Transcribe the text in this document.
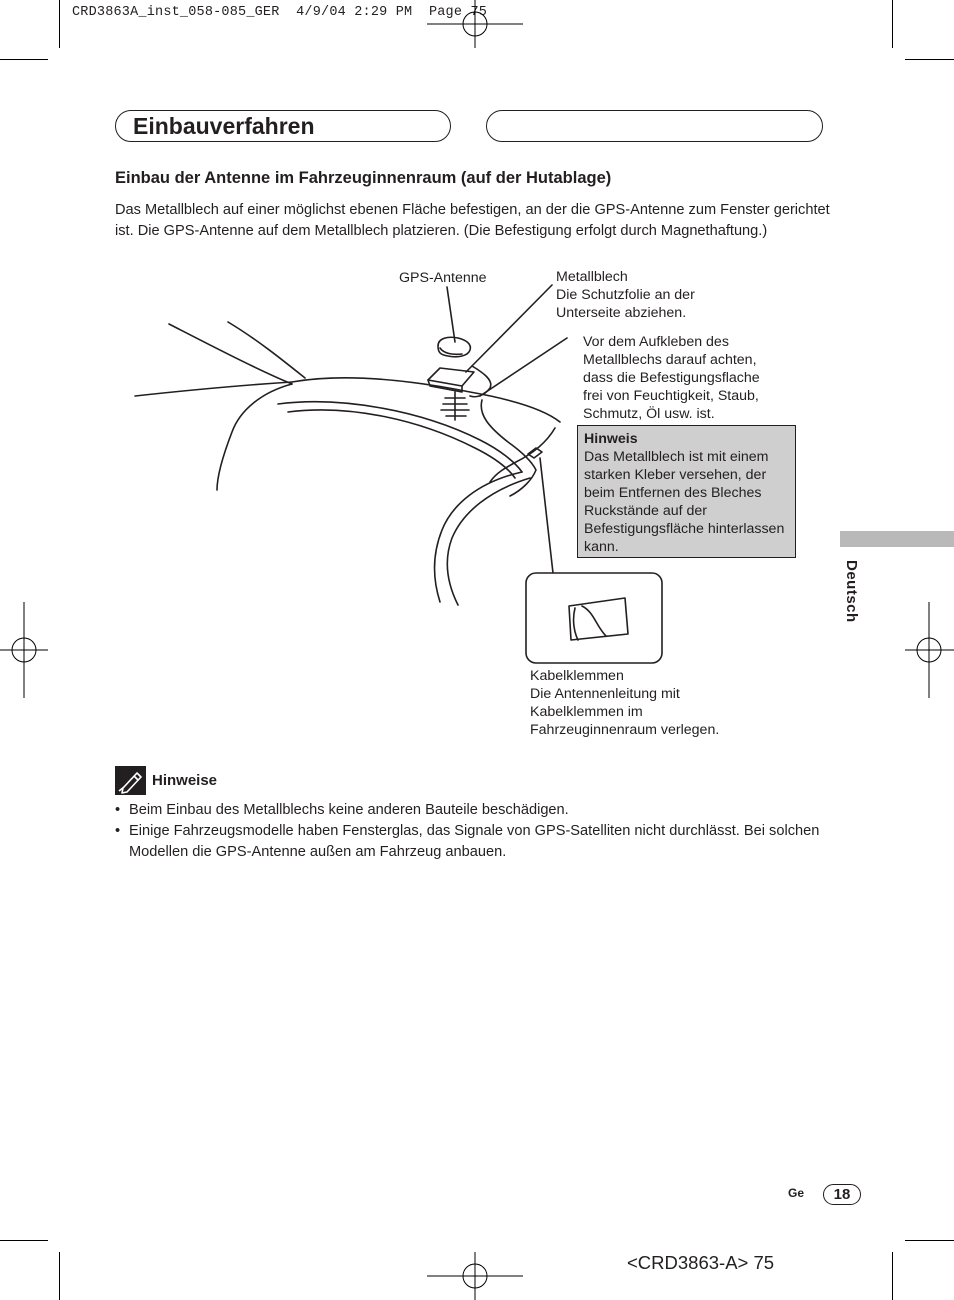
CRD3863A_inst_058-085_GER  4/9/04 2:29 PM  Page 75
Einbauverfahren
Einbau der Antenne im Fahrzeuginnenraum (auf der Hutablage)
Das Metallblech auf einer möglichst ebenen Fläche befestigen, an der die GPS-Antenne zum Fenster gerichtet ist. Die GPS-Antenne auf dem Metallblech platzieren. (Die Befestigung erfolgt durch Magnethaftung.)
GPS-Antenne	Metallblech
Die Schutzfolie an der
Unterseite abziehen.
Vor dem Aufkleben des
Metallblechs darauf achten,
dass die Befestigungsflache
frei von Feuchtigkeit, Staub,
Schmutz, Öl usw. ist.
Hinweis
Das Metallblech ist mit einem starken Kleber versehen, der beim Entfernen des Bleches Ruckstände auf der Befestigungsfläche hinterlassen kann.
Kabelklemmen
Die Antennenleitung mit
Kabelklemmen im
Fahrzeuginnenraum verlegen.
Deutsch
Hinweise
• Beim Einbau des Metallblechs keine anderen Bauteile beschädigen.
• Einige Fahrzeugsmodelle haben Fensterglas, das Signale von GPS-Satelliten nicht durchlässt. Bei solchen Modellen die GPS-Antenne außen am Fahrzeug anbauen.
Ge	18
<CRD3863-A> 75
